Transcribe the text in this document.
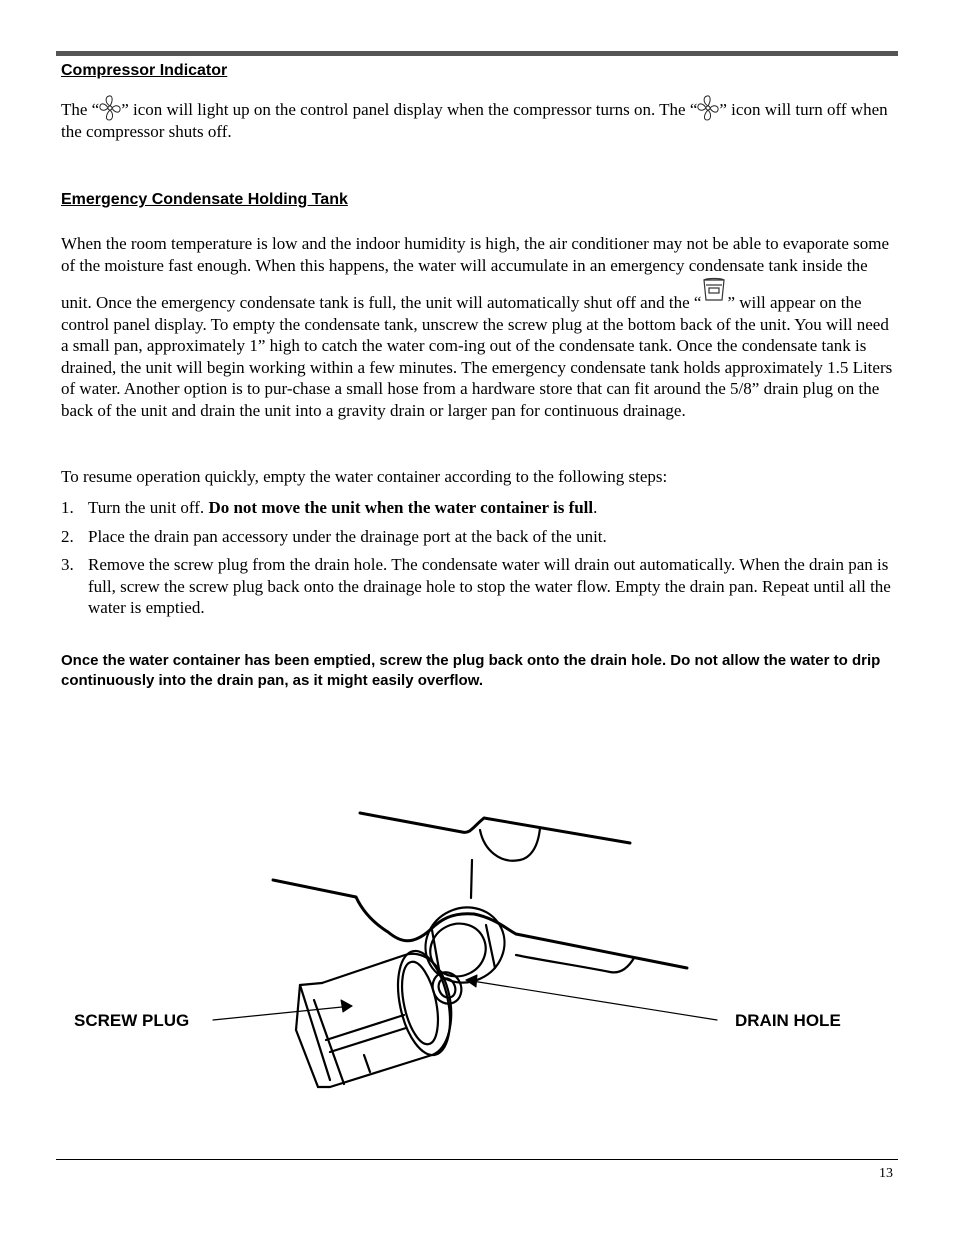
Compressor Indicator
The “ ” icon will light up on the control panel display when the compressor turns on. The “ ” icon will turn off when the compressor shuts off.
Emergency Condensate Holding Tank
When the room temperature is low and the indoor humidity is high, the air conditioner may not be able to evaporate some of the moisture fast enough. When this happens, the water will accumulate in an emergency condensate tank inside the unit. Once the emergency condensate tank is full, the unit will automatically shut off and the “ ” will appear on the control panel display. To empty the condensate tank, unscrew the screw plug at the bottom back of the unit. You will need a small pan, approximately 1” high to catch the water com-ing out of the condensate tank. Once the condensate tank is drained, the unit will begin working within a few minutes. The emergency condensate tank holds approximately 1.5 Liters of water. Another option is to pur-chase a small hose from a hardware store that can fit around the 5/8” drain plug on the back of the unit and drain the unit into a gravity drain or larger pan for continuous drainage.
To resume operation quickly, empty the water container according to the following steps:
1. Turn the unit off. Do not move the unit when the water container is full.
2. Place the drain pan accessory under the drainage port at the back of the unit.
3. Remove the screw plug from the drain hole. The condensate water will drain out automatically. When the drain pan is full, screw the screw plug back onto the drainage hole to stop the water flow. Empty the drain pan. Repeat until all the water is emptied.
Once the water container has been emptied, screw the plug back onto the drain hole. Do not allow the water to drip continuously into the drain pan, as it might easily overflow.
SCREW PLUG	DRAIN HOLE
13
